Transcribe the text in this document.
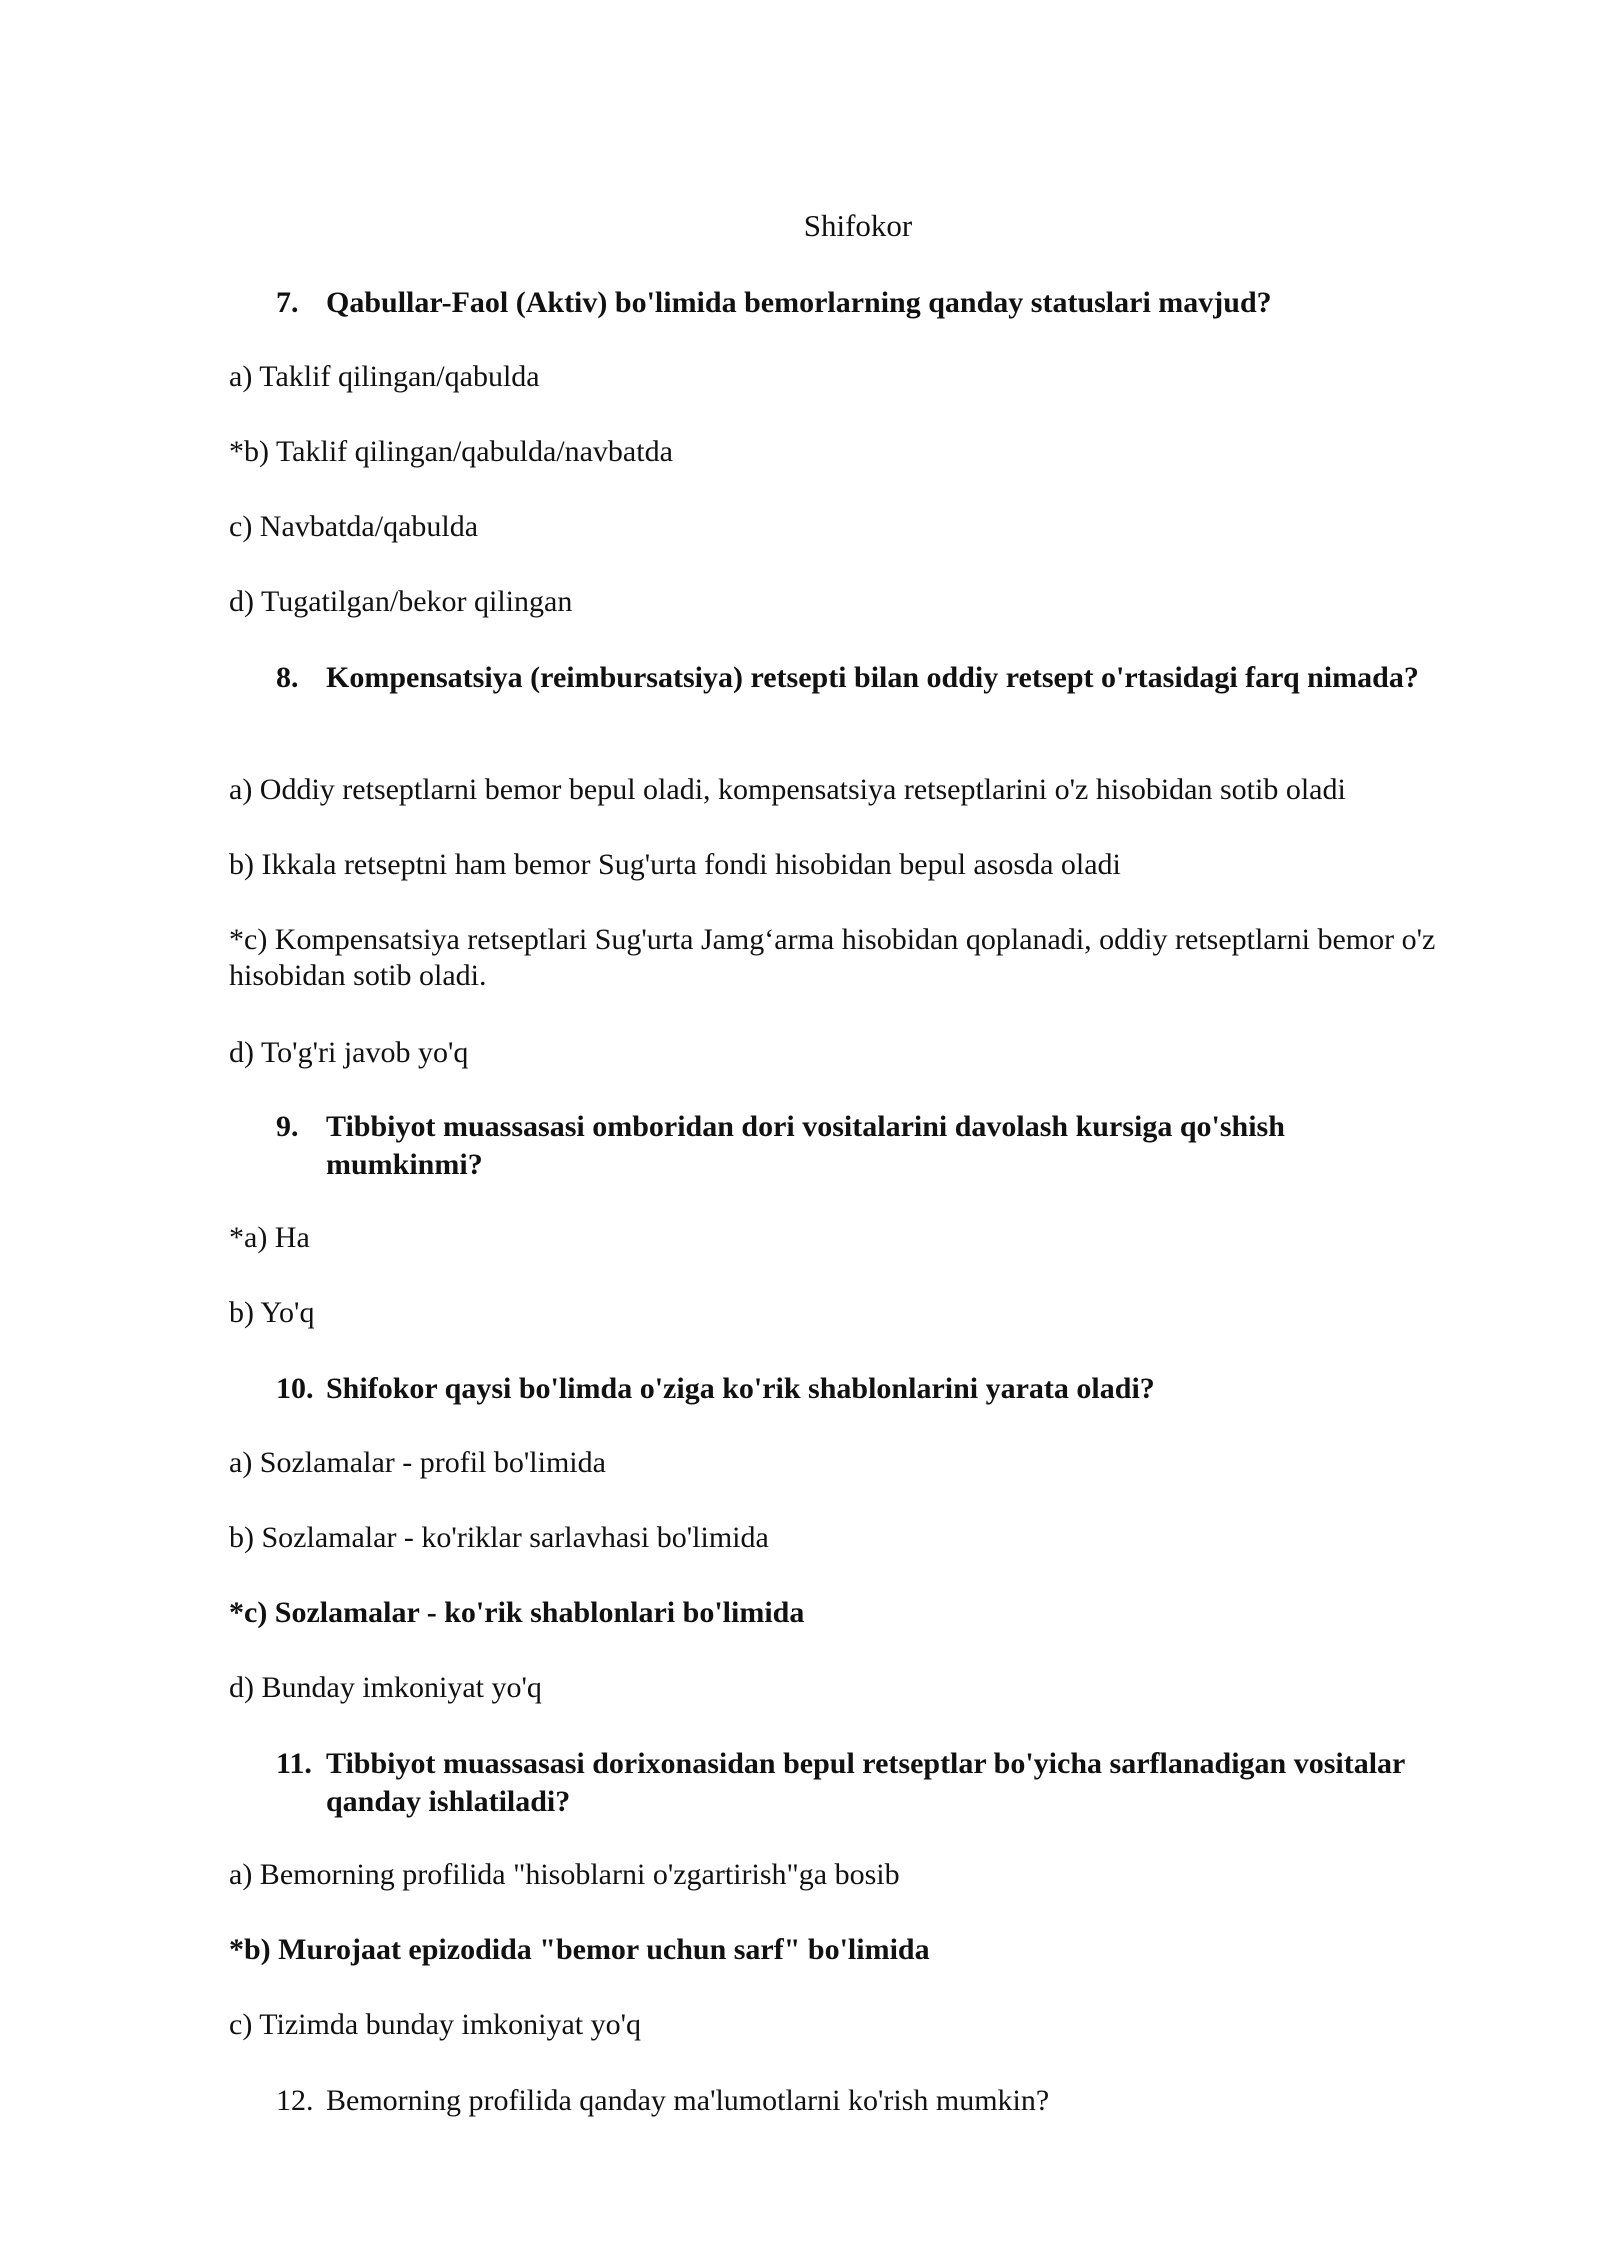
Shifokor
7. Qabullar-Faol (Aktiv) bo'limida bemorlarning qanday statuslari mavjud?

a) Taklif qilingan/qabulda

*b) Taklif qilingan/qabulda/navbatda

c) Navbatda/qabulda

d) Tugatilgan/bekor qilingan

8. Kompensatsiya (reimbursatsiya) retsepti bilan oddiy retsept o'rtasidagi farq nimada?

a) Oddiy retseptlarni bemor bepul oladi, kompensatsiya retseptlarini o'z hisobidan sotib oladi

b) Ikkala retseptni ham bemor Sug'urta fondi hisobidan bepul asosda oladi

*c) Kompensatsiya retseptlari Sug'urta Jamg‘arma hisobidan qoplanadi, oddiy retseptlarni bemor o'z hisobidan sotib oladi.

d) To'g'ri javob yo'q

9. Tibbiyot muassasasi omboridan dori vositalarini davolash kursiga qo'shish mumkinmi?

*a) Ha

b) Yo'q

10. Shifokor qaysi bo'limda o'ziga ko'rik shablonlarini yarata oladi?

a) Sozlamalar - profil bo'limida

b) Sozlamalar - ko'riklar sarlavhasi bo'limida

*c) Sozlamalar - ko'rik shablonlari bo'limida

d) Bunday imkoniyat yo'q

11. Tibbiyot muassasasi dorixonasidan bepul retseptlar bo'yicha sarflanadigan vositalar qanday ishlatiladi?

a) Bemorning profilida "hisoblarni o'zgartirish"ga bosib

*b) Murojaat epizodida "bemor uchun sarf" bo'limida

c) Tizimda bunday imkoniyat yo'q

12. Bemorning profilida qanday ma'lumotlarni ko'rish mumkin?
